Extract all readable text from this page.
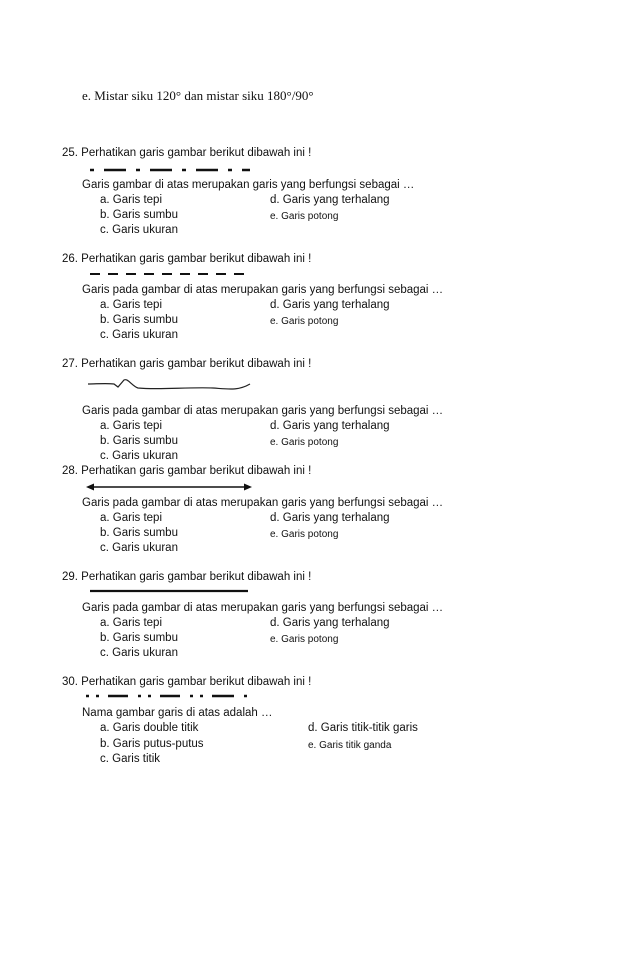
e. Mistar siku 120° dan mistar siku 180°/90°
25. Perhatikan garis gambar berikut dibawah ini !
Garis gambar di atas merupakan garis yang berfungsi sebagai …
a. Garis tepi	d. Garis yang terhalang
b. Garis sumbu	e. Garis potong
c. Garis ukuran
26. Perhatikan garis gambar berikut dibawah ini !
Garis pada gambar di atas merupakan garis yang berfungsi sebagai …
a. Garis tepi	d. Garis yang terhalang
b. Garis sumbu	e. Garis potong
c. Garis ukuran
27. Perhatikan garis gambar berikut dibawah ini !
Garis pada gambar di atas merupakan garis yang berfungsi sebagai …
a. Garis tepi	d. Garis yang terhalang
b. Garis sumbu	e. Garis potong
c. Garis ukuran
28. Perhatikan garis gambar berikut dibawah ini !
Garis pada gambar di atas merupakan garis yang berfungsi sebagai …
a. Garis tepi	d. Garis yang terhalang
b. Garis sumbu	e. Garis potong
c. Garis ukuran
29. Perhatikan garis gambar berikut dibawah ini !
Garis pada gambar di atas merupakan garis yang berfungsi sebagai …
a. Garis tepi	d. Garis yang terhalang
b. Garis sumbu	e. Garis potong
c. Garis ukuran
30. Perhatikan garis gambar berikut dibawah ini !
Nama gambar garis di atas adalah …
a. Garis double titik	d. Garis titik-titik garis
b. Garis putus-putus	e. Garis titik ganda
c. Garis titik
